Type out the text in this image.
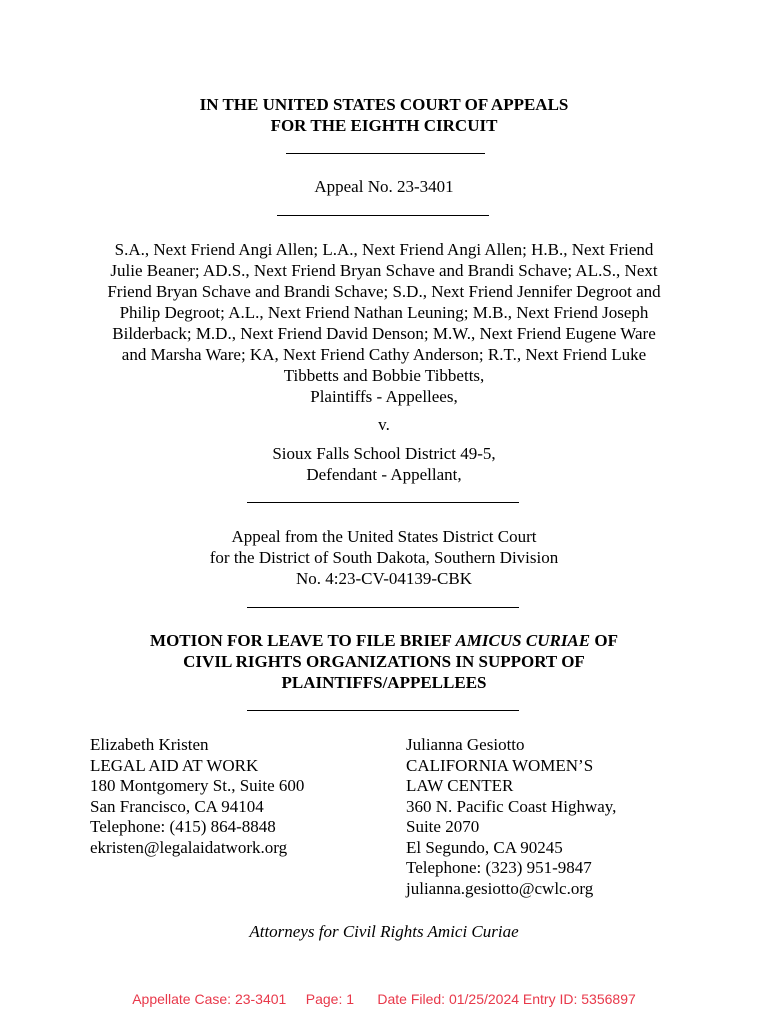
IN THE UNITED STATES COURT OF APPEALS
FOR THE EIGHTH CIRCUIT
Appeal No. 23-3401
S.A., Next Friend Angi Allen; L.A., Next Friend Angi Allen; H.B., Next Friend
Julie Beaner; AD.S., Next Friend Bryan Schave and Brandi Schave; AL.S., Next
Friend Bryan Schave and Brandi Schave; S.D., Next Friend Jennifer Degroot and
Philip Degroot; A.L., Next Friend Nathan Leuning; M.B., Next Friend Joseph
Bilderback; M.D., Next Friend David Denson; M.W., Next Friend Eugene Ware
and Marsha Ware; KA, Next Friend Cathy Anderson; R.T., Next Friend Luke
Tibbetts and Bobbie Tibbetts,
Plaintiffs - Appellees,
v.
Sioux Falls School District 49-5,
Defendant - Appellant,
Appeal from the United States District Court
for the District of South Dakota, Southern Division
No. 4:23-CV-04139-CBK
MOTION FOR LEAVE TO FILE BRIEF AMICUS CURIAE OF
CIVIL RIGHTS ORGANIZATIONS IN SUPPORT OF
PLAINTIFFS/APPELLEES
Elizabeth Kristen
LEGAL AID AT WORK
180 Montgomery St., Suite 600
San Francisco, CA 94104
Telephone: (415) 864-8848
ekristen@legalaidatwork.org
Julianna Gesiotto
CALIFORNIA WOMEN’S
LAW CENTER
360 N. Pacific Coast Highway,
Suite 2070
El Segundo, CA 90245
Telephone: (323) 951-9847
julianna.gesiotto@cwlc.org
Attorneys for Civil Rights Amici Curiae
Appellate Case: 23-3401     Page: 1      Date Filed: 01/25/2024 Entry ID: 5356897
